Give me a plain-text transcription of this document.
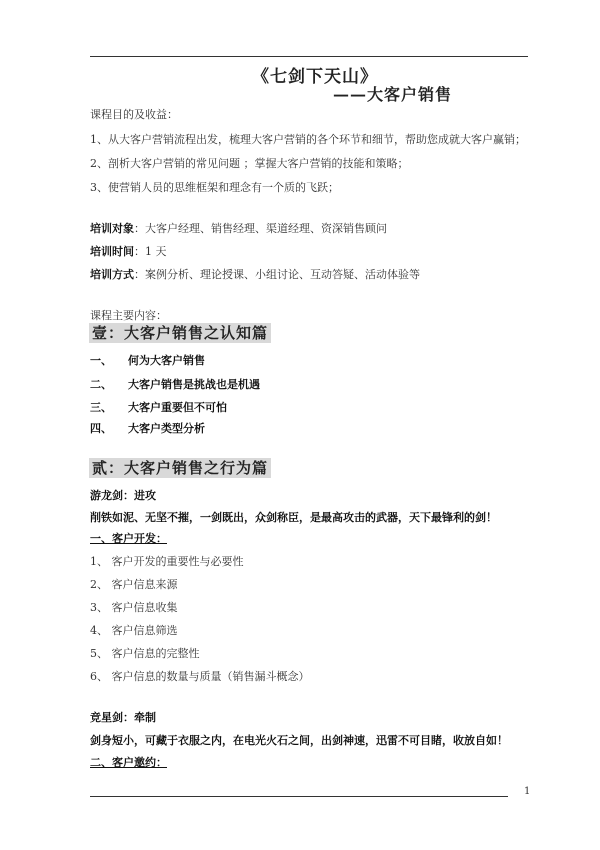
《七剑下天山》
——大客户销售
课程目的及收益：
1、从大客户营销流程出发，梳理大客户营销的各个环节和细节，帮助您成就大客户赢销；
2、剖析大客户营销的常见问题 ；掌握大客户营销的技能和策略；
3、使营销人员的思维框架和理念有一个质的飞跃；
培训对象：大客户经理、销售经理、渠道经理、资深销售顾问
培训时间：1 天
培训方式：案例分析、理论授课、小组讨论、互动答疑、活动体验等
课程主要内容：
壹：大客户销售之认知篇
一、 何为大客户销售
二、 大客户销售是挑战也是机遇
三、 大客户重要但不可怕
四、 大客户类型分析
贰：大客户销售之行为篇
游龙剑：进攻
削铁如泥、无坚不摧，一剑既出，众剑称臣，是最高攻击的武器，天下最锋利的剑！
一、客户开发：
1、 客户开发的重要性与必要性
2、 客户信息来源
3、 客户信息收集
4、 客户信息筛选
5、 客户信息的完整性
6、 客户信息的数量与质量（销售漏斗概念）
竞星剑：牵制
剑身短小，可藏于衣服之内，在电光火石之间，出剑神速，迅雷不可目睹，收放自如！
二、客户邀约：
1
